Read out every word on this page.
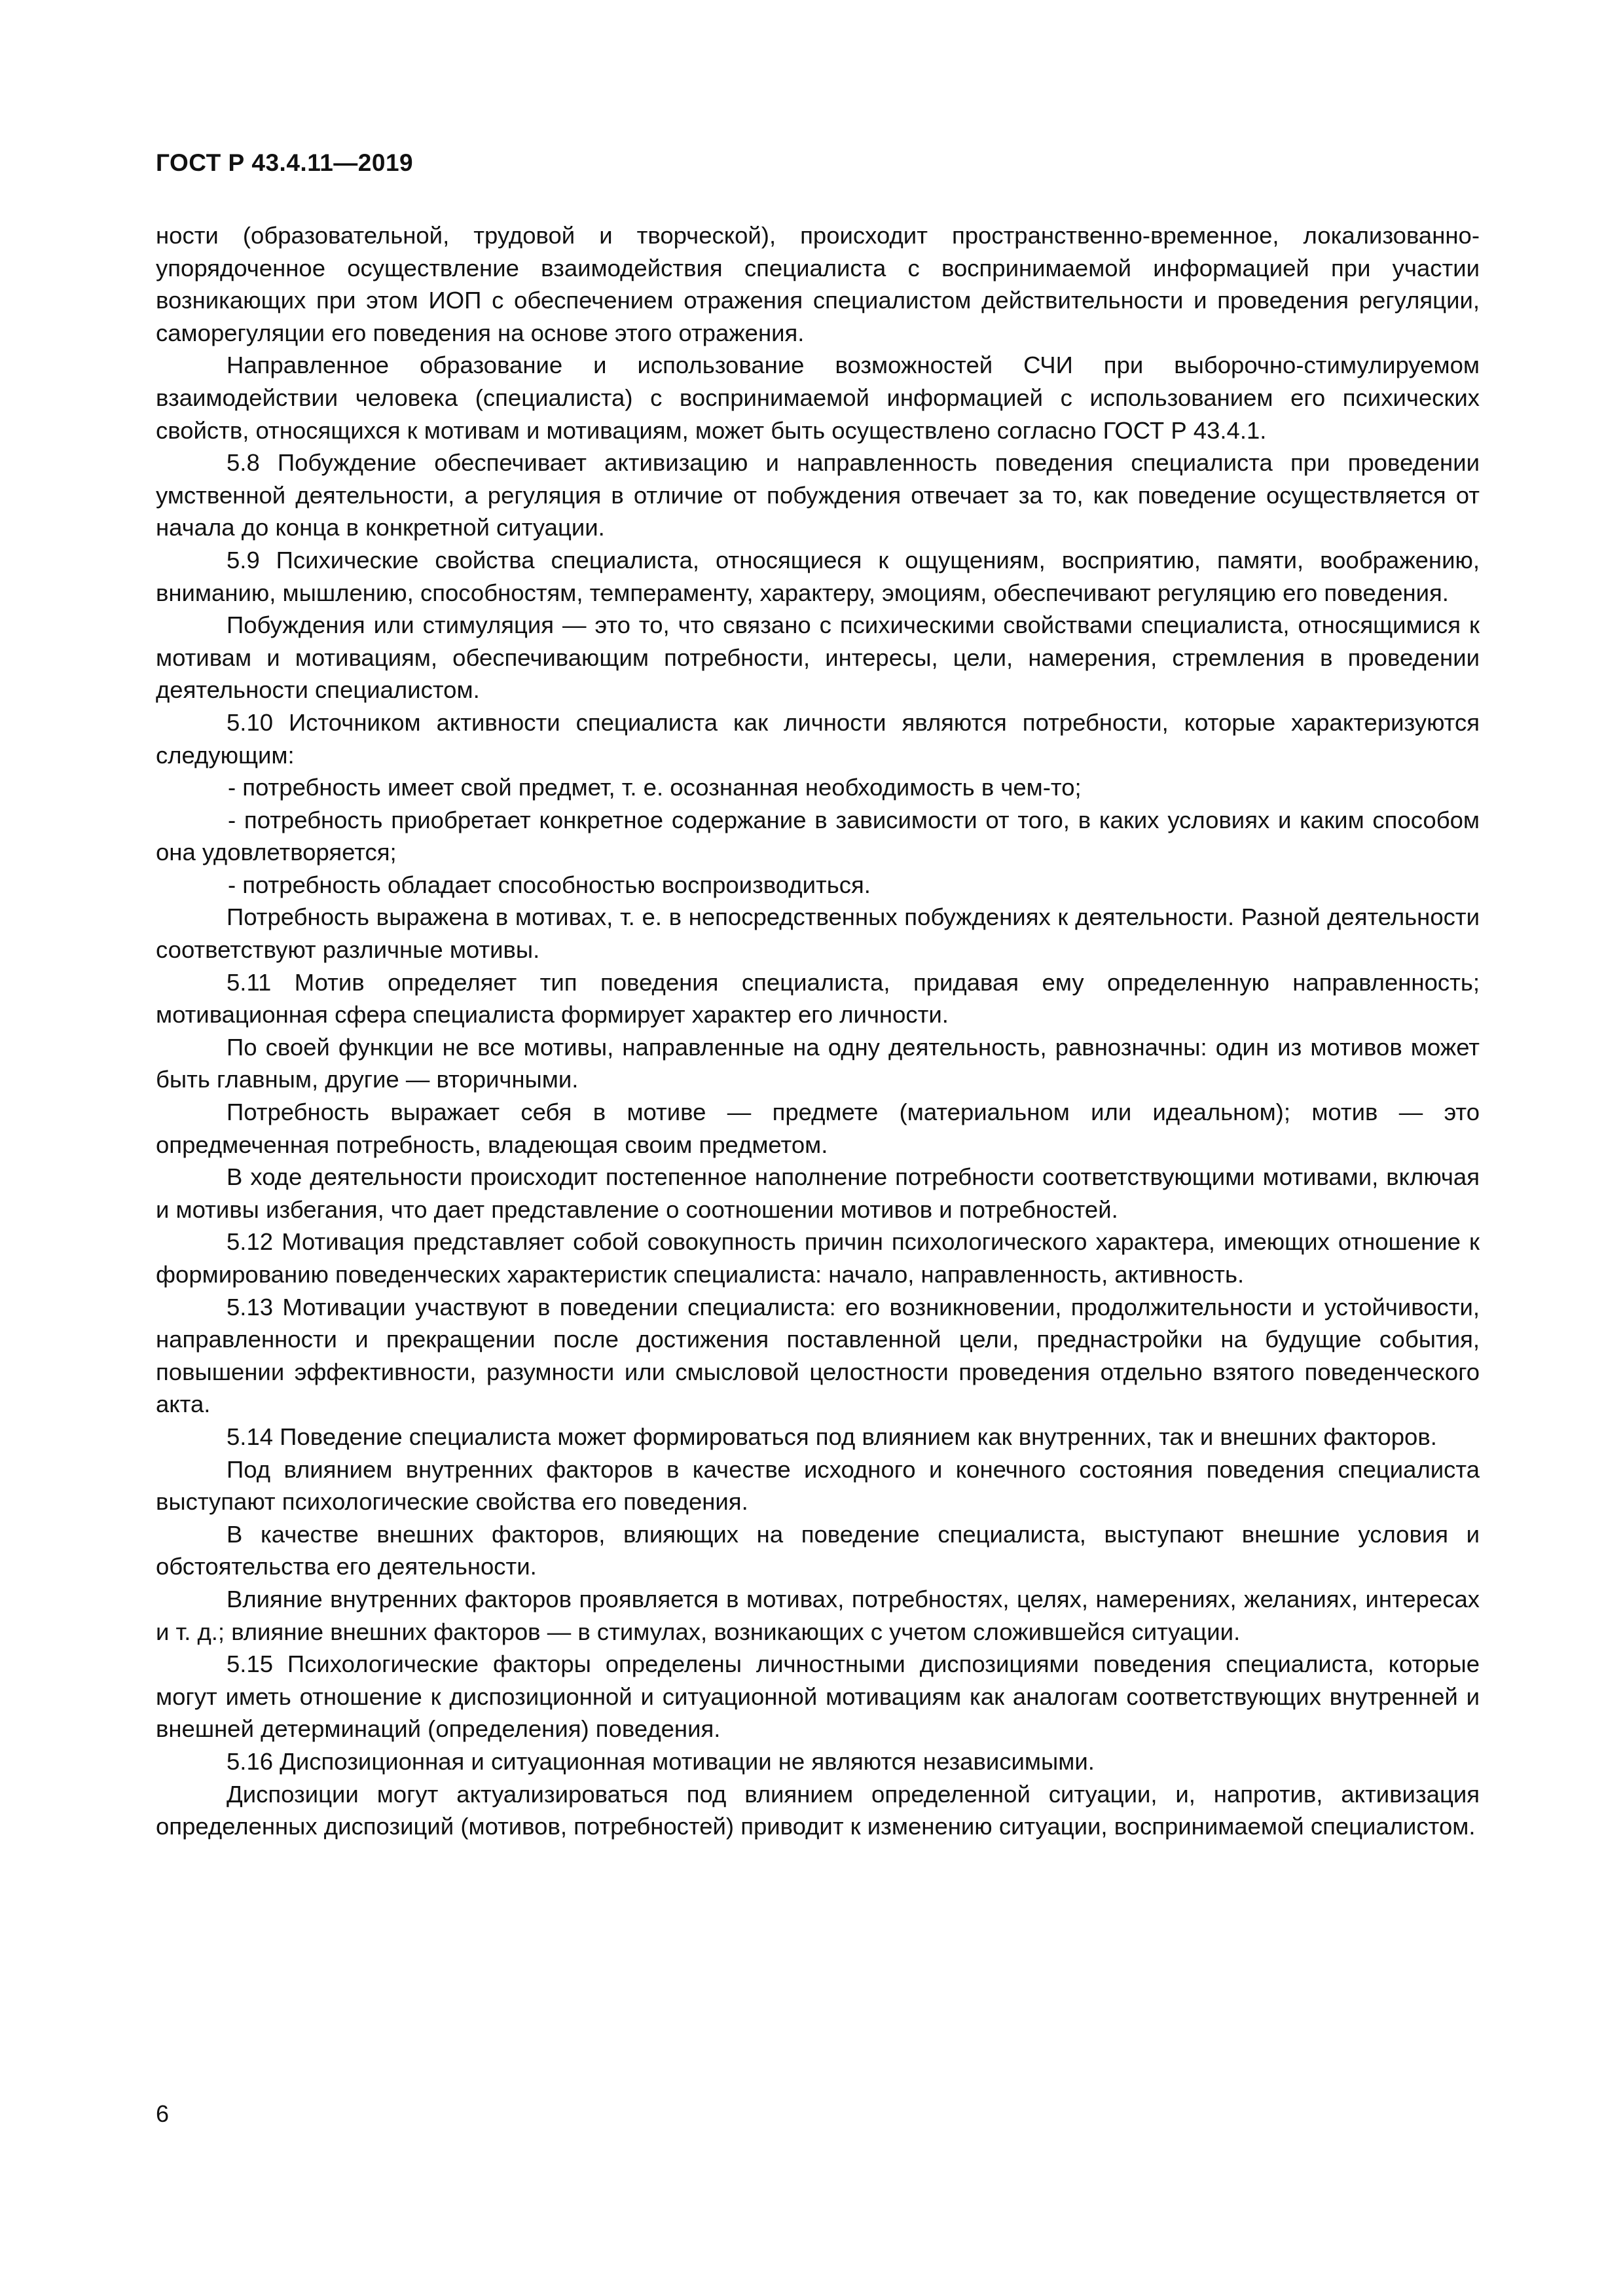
ГОСТ Р 43.4.11—2019

ности (образовательной, трудовой и творческой), происходит пространственно-временное, локализованно-упорядоченное осуществление взаимодействия специалиста с воспринимаемой информацией при участии возникающих при этом ИОП с обеспечением отражения специалистом действительности и проведения регуляции, саморегуляции его поведения на основе этого отражения.

Направленное образование и использование возможностей СЧИ при выборочно-стимулируемом взаимодействии человека (специалиста) с воспринимаемой информацией с использованием его психических свойств, относящихся к мотивам и мотивациям, может быть осуществлено согласно ГОСТ Р 43.4.1.

5.8 Побуждение обеспечивает активизацию и направленность поведения специалиста при проведении умственной деятельности, а регуляция в отличие от побуждения отвечает за то, как поведение осуществляется от начала до конца в конкретной ситуации.

5.9 Психические свойства специалиста, относящиеся к ощущениям, восприятию, памяти, воображению, вниманию, мышлению, способностям, темпераменту, характеру, эмоциям, обеспечивают регуляцию его поведения.

Побуждения или стимуляция — это то, что связано с психическими свойствами специалиста, относящимися к мотивам и мотивациям, обеспечивающим потребности, интересы, цели, намерения, стремления в проведении деятельности специалистом.

5.10 Источником активности специалиста как личности являются потребности, которые характеризуются следующим:

- потребность имеет свой предмет, т. е. осознанная необходимость в чем-то;

- потребность приобретает конкретное содержание в зависимости от того, в каких условиях и каким способом она удовлетворяется;

- потребность обладает способностью воспроизводиться.

Потребность выражена в мотивах, т. е. в непосредственных побуждениях к деятельности. Разной деятельности соответствуют различные мотивы.

5.11 Мотив определяет тип поведения специалиста, придавая ему определенную направленность; мотивационная сфера специалиста формирует характер его личности.

По своей функции не все мотивы, направленные на одну деятельность, равнозначны: один из мотивов может быть главным, другие — вторичными.

Потребность выражает себя в мотиве — предмете (материальном или идеальном); мотив — это опредмеченная потребность, владеющая своим предметом.

В ходе деятельности происходит постепенное наполнение потребности соответствующими мотивами, включая и мотивы избегания, что дает представление о соотношении мотивов и потребностей.

5.12 Мотивация представляет собой совокупность причин психологического характера, имеющих отношение к формированию поведенческих характеристик специалиста: начало, направленность, активность.

5.13 Мотивации участвуют в поведении специалиста: его возникновении, продолжительности и устойчивости, направленности и прекращении после достижения поставленной цели, преднастройки на будущие события, повышении эффективности, разумности или смысловой целостности проведения отдельно взятого поведенческого акта.

5.14 Поведение специалиста может формироваться под влиянием как внутренних, так и внешних факторов.

Под влиянием внутренних факторов в качестве исходного и конечного состояния поведения специалиста выступают психологические свойства его поведения.

В качестве внешних факторов, влияющих на поведение специалиста, выступают внешние условия и обстоятельства его деятельности.

Влияние внутренних факторов проявляется в мотивах, потребностях, целях, намерениях, желаниях, интересах и т. д.; влияние внешних факторов — в стимулах, возникающих с учетом сложившейся ситуации.

5.15 Психологические факторы определены личностными диспозициями поведения специалиста, которые могут иметь отношение к диспозиционной и ситуационной мотивациям как аналогам соответствующих внутренней и внешней детерминаций (определения) поведения.

5.16 Диспозиционная и ситуационная мотивации не являются независимыми.

Диспозиции могут актуализироваться под влиянием определенной ситуации, и, напротив, активизация определенных диспозиций (мотивов, потребностей) приводит к изменению ситуации, воспринимаемой специалистом.

6
